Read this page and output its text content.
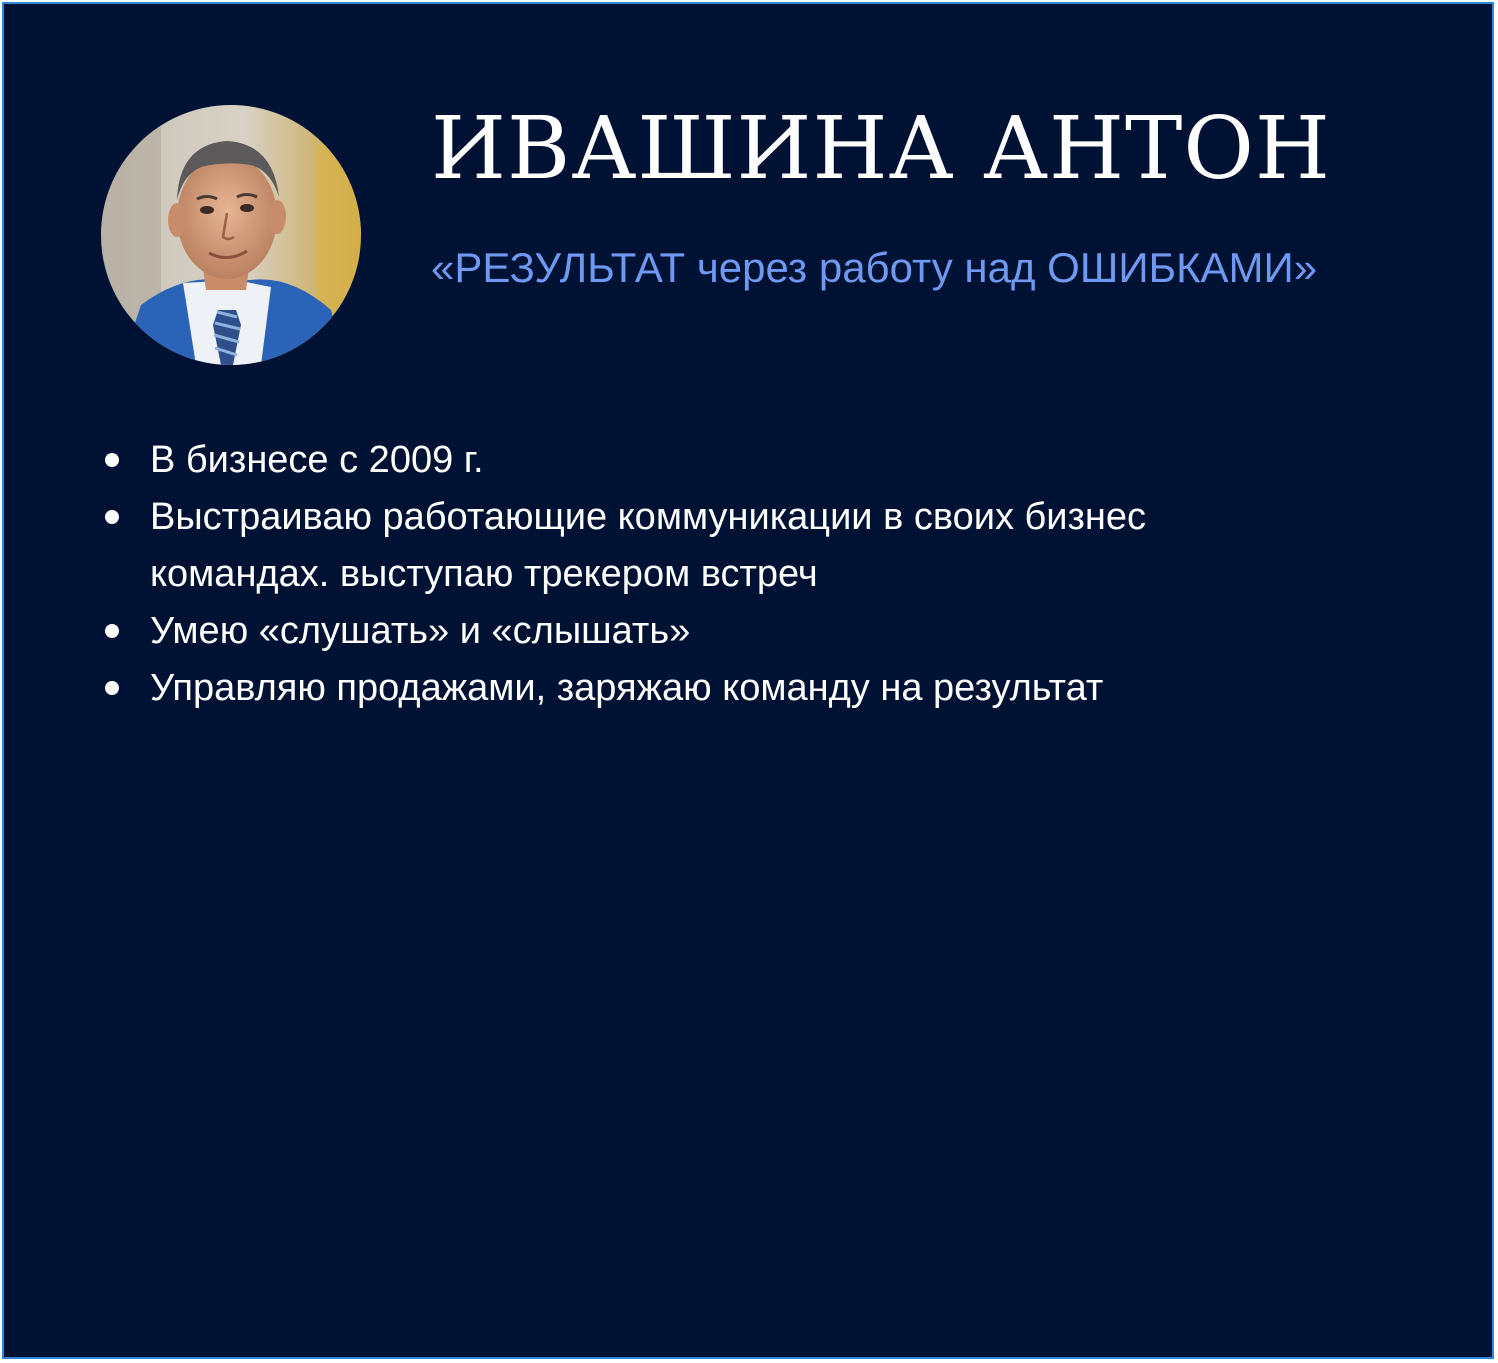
ИВАШИНА АНТОН
«РЕЗУЛЬТАТ через работу над ОШИБКАМИ»
В бизнесе с 2009 г.
Выстраиваю работающие коммуникации в своих бизнес командах. выступаю трекером встреч
Умею «слушать» и «слышать»
Управляю продажами, заряжаю команду на результат
